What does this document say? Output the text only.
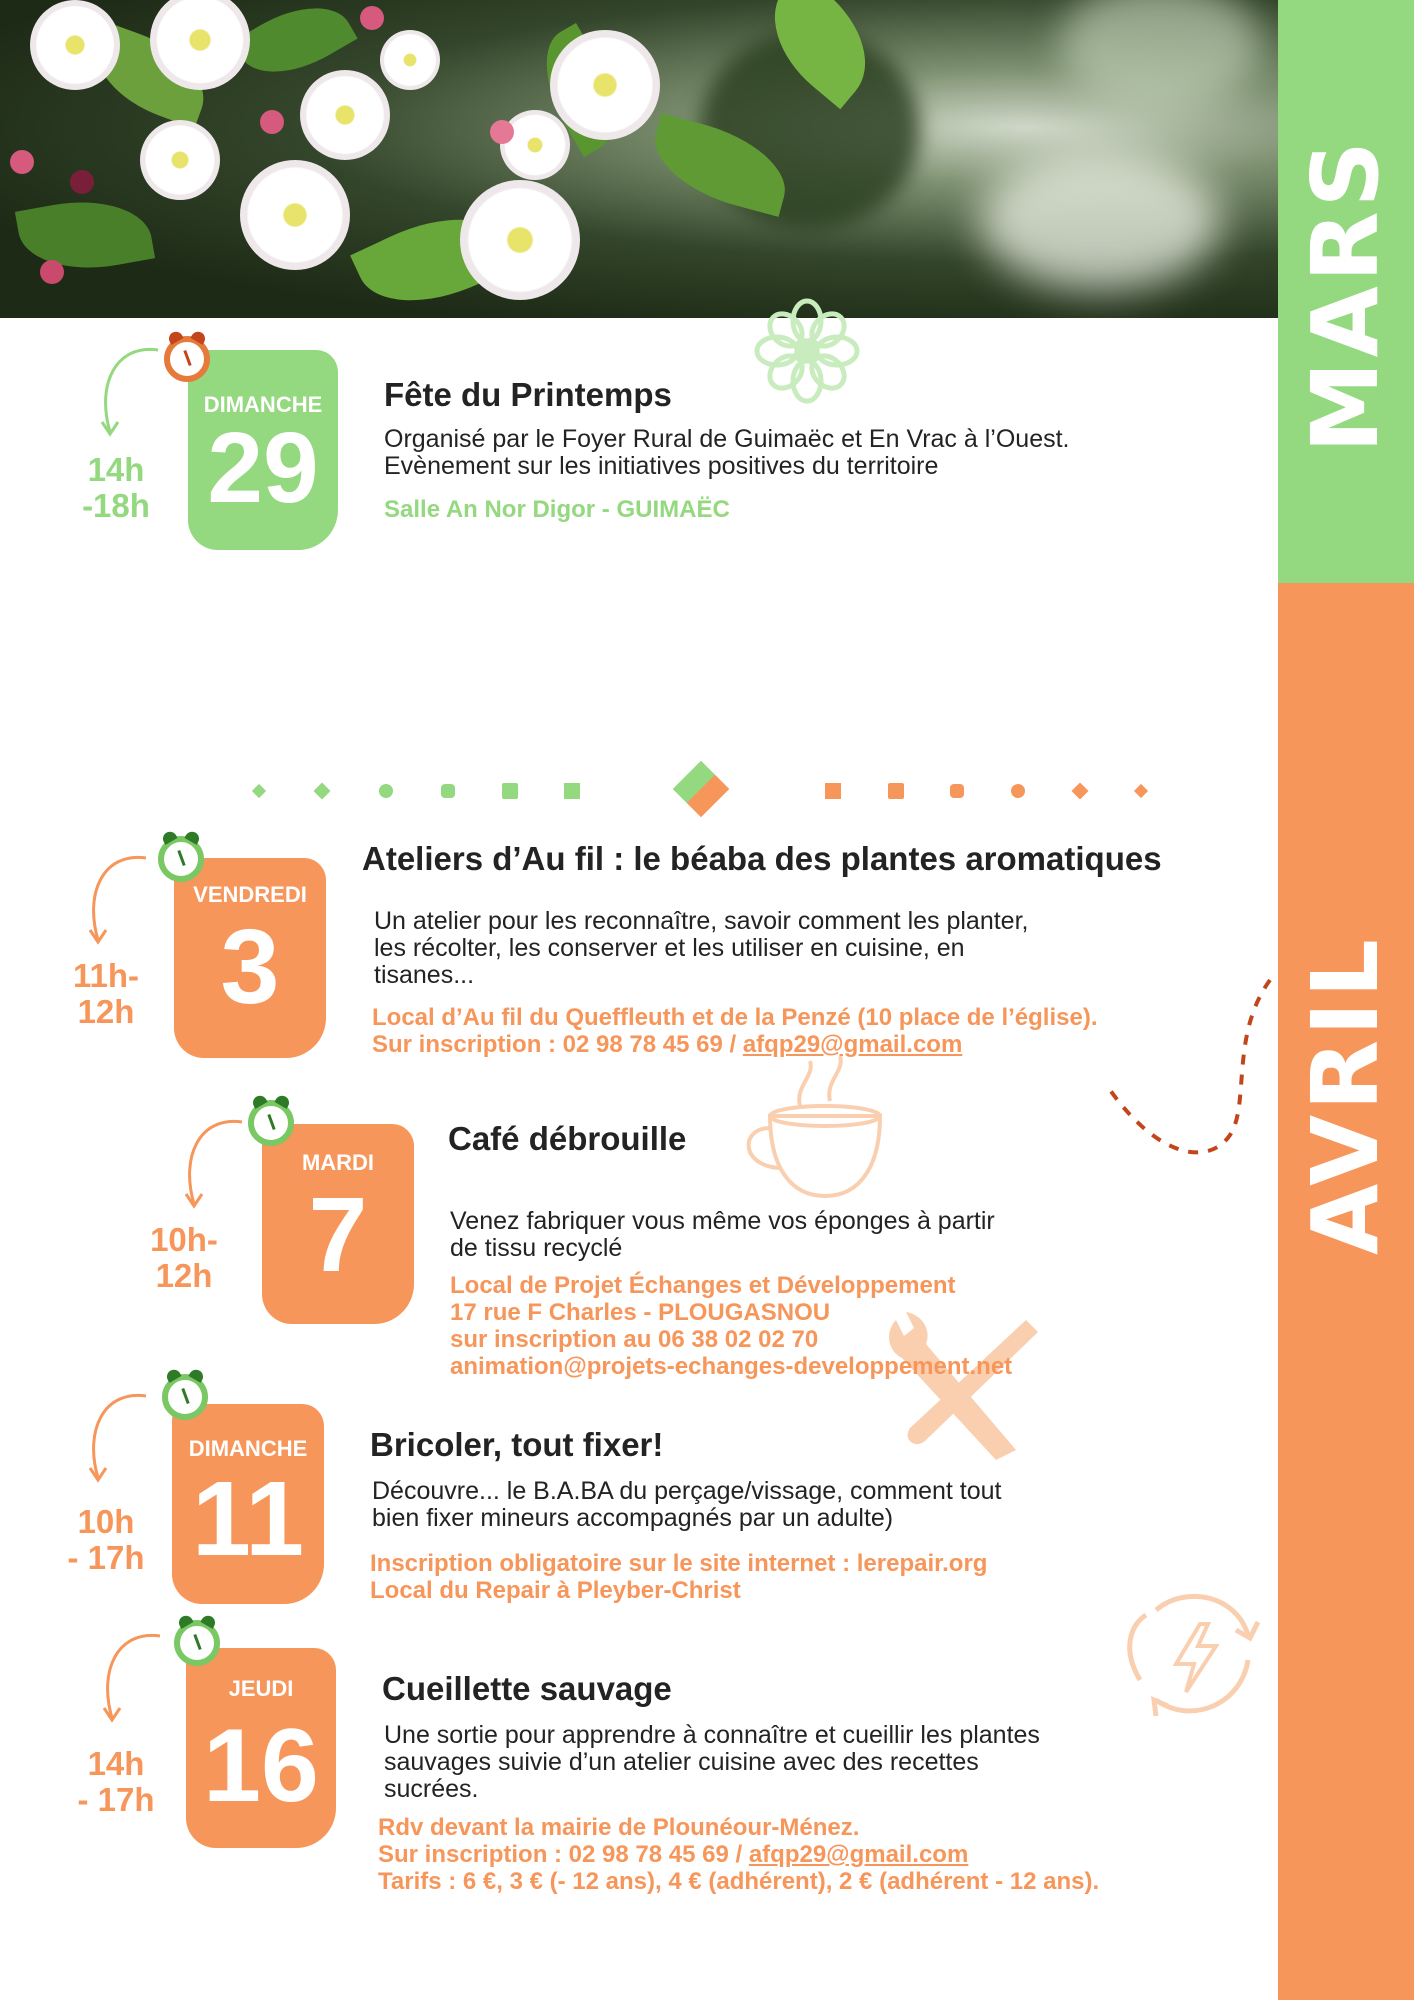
MARS
AVRIL
14h
-18h
DIMANCHE
29
Fête du Printemps
Organisé par le Foyer Rural de Guimaëc et En Vrac à l’Ouest.
Evènement sur les initiatives positives du territoire
Salle An Nor Digor - GUIMAËC
11h-
12h
VENDREDI
3
Ateliers d’Au fil : le béaba des plantes aromatiques
Un atelier pour les reconnaître, savoir comment les planter,
les récolter, les conserver et les utiliser en cuisine, en
tisanes...
Local d’Au fil du Queffleuth et de la Penzé (10 place de l’église).
Sur inscription : 02 98 78 45 69 / afqp29@gmail.com
10h-
12h
MARDI
7
Café débrouille
Venez fabriquer vous même vos éponges à partir
de tissu recyclé
Local de Projet Échanges et Développement
17 rue F Charles - PLOUGASNOU
sur inscription au 06 38 02 02 70
animation@projets-echanges-developpement.net
10h
- 17h
DIMANCHE
11
Bricoler, tout fixer!
Découvre... le B.A.BA du perçage/vissage, comment tout
bien fixer mineurs accompagnés par un adulte)
Inscription obligatoire sur le site internet : lerepair.org
Local du Repair à Pleyber-Christ
14h
- 17h
JEUDI
16
Cueillette sauvage
Une sortie pour apprendre à connaître et cueillir les plantes
sauvages suivie d’un atelier cuisine avec des recettes
sucrées.
Rdv devant la mairie de Plounéour-Ménez.
Sur inscription : 02 98 78 45 69 / afqp29@gmail.com
Tarifs : 6 €, 3 € (- 12 ans), 4 € (adhérent), 2 € (adhérent - 12 ans).
